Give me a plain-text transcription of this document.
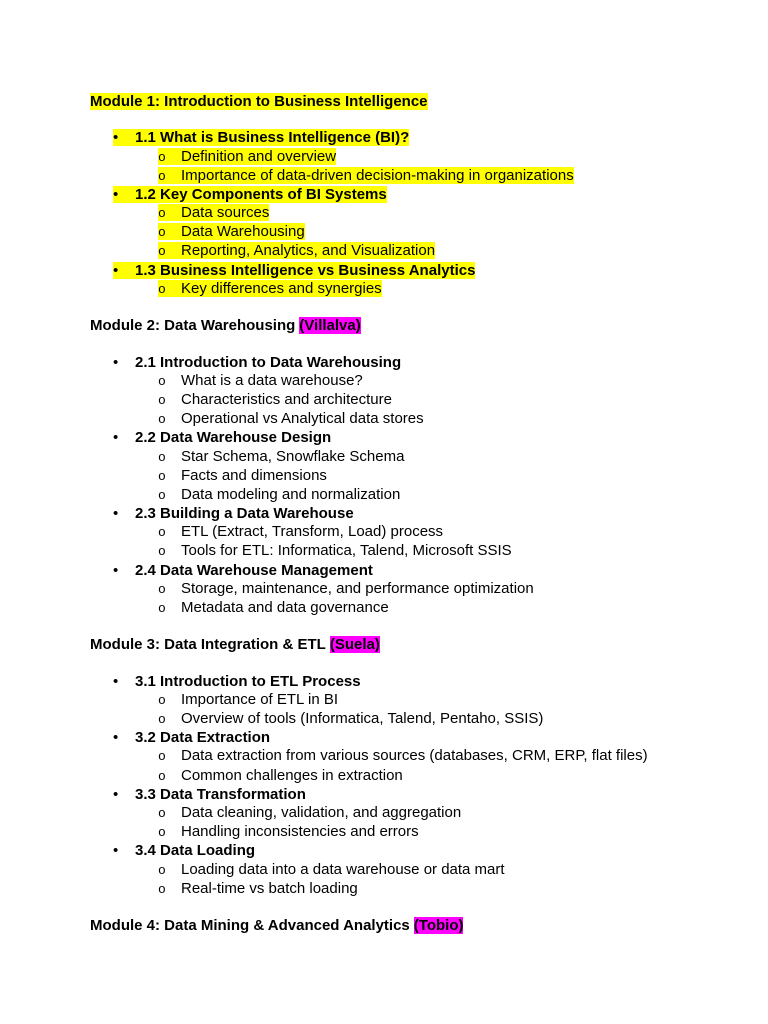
Module 1: Introduction to Business Intelligence
• 1.1 What is Business Intelligence (BI)?
o Definition and overview
o Importance of data-driven decision-making in organizations
• 1.2 Key Components of BI Systems
o Data sources
o Data Warehousing
o Reporting, Analytics, and Visualization
• 1.3 Business Intelligence vs Business Analytics
o Key differences and synergies
Module 2: Data Warehousing (Villalva)
• 2.1 Introduction to Data Warehousing
o What is a data warehouse?
o Characteristics and architecture
o Operational vs Analytical data stores
• 2.2 Data Warehouse Design
o Star Schema, Snowflake Schema
o Facts and dimensions
o Data modeling and normalization
• 2.3 Building a Data Warehouse
o ETL (Extract, Transform, Load) process
o Tools for ETL: Informatica, Talend, Microsoft SSIS
• 2.4 Data Warehouse Management
o Storage, maintenance, and performance optimization
o Metadata and data governance
Module 3: Data Integration & ETL (Suela)
• 3.1 Introduction to ETL Process
o Importance of ETL in BI
o Overview of tools (Informatica, Talend, Pentaho, SSIS)
• 3.2 Data Extraction
o Data extraction from various sources (databases, CRM, ERP, flat files)
o Common challenges in extraction
• 3.3 Data Transformation
o Data cleaning, validation, and aggregation
o Handling inconsistencies and errors
• 3.4 Data Loading
o Loading data into a data warehouse or data mart
o Real-time vs batch loading
Module 4: Data Mining & Advanced Analytics (Tobio)
